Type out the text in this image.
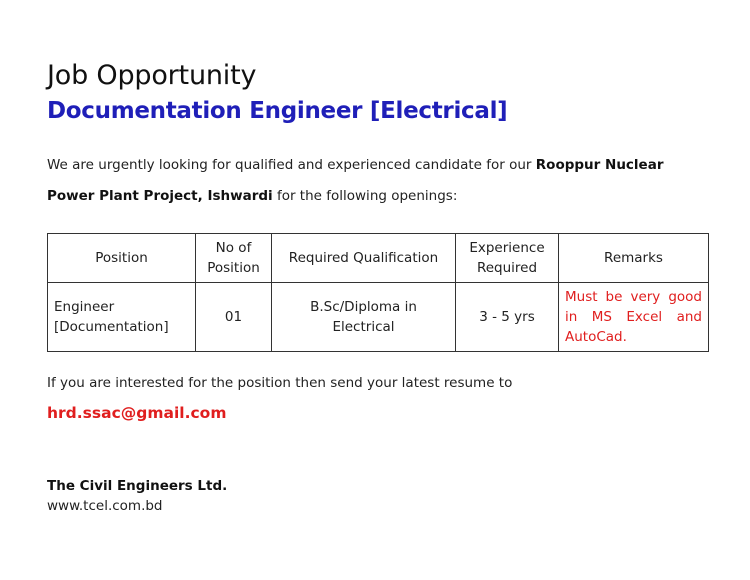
Job Opportunity
Documentation Engineer [Electrical]
We are urgently looking for qualified and experienced candidate for our Rooppur Nuclear Power Plant Project, Ishwardi for the following openings:
Position	No of Position	Required Qualification	Experience Required	Remarks
Engineer [Documentation]	01	B.Sc/Diploma in Electrical	3 - 5 yrs	Must be very good in MS Excel and AutoCad.
If you are interested for the position then send your latest resume to
hrd.ssac@gmail.com
The Civil Engineers Ltd.
www.tcel.com.bd
